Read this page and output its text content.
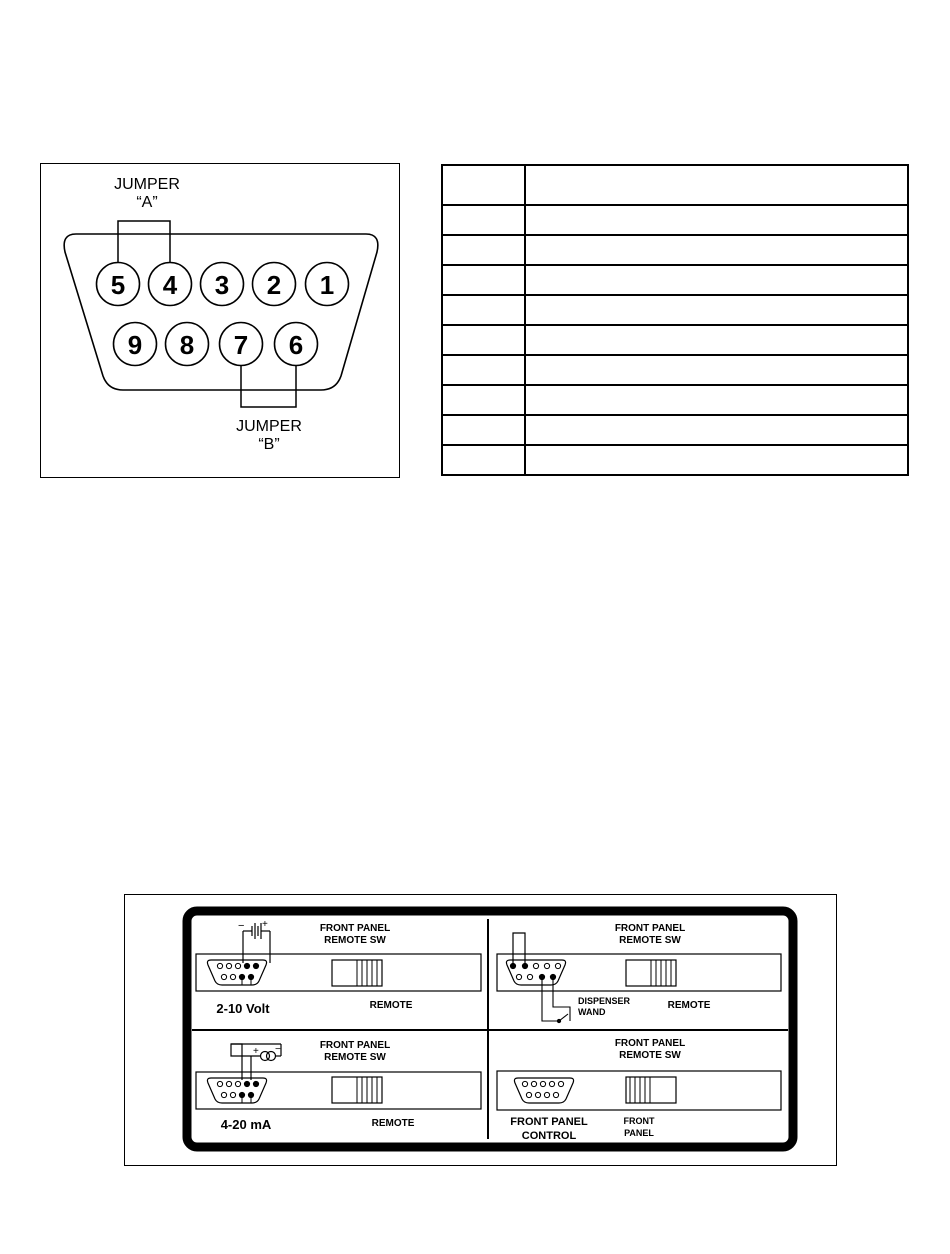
JUMPER
“A”
5 4 3 2 1
9 8 7 6
JUMPER
“B”

FRONT PANEL
REMOTE SW
− +
REMOTE
2-10 Volt
FRONT PANEL
REMOTE SW
DISPENSER
WAND
REMOTE
FRONT PANEL
REMOTE SW
+ −
REMOTE
4-20 mA
FRONT PANEL
REMOTE SW
FRONT PANEL
CONTROL
FRONT
PANEL
